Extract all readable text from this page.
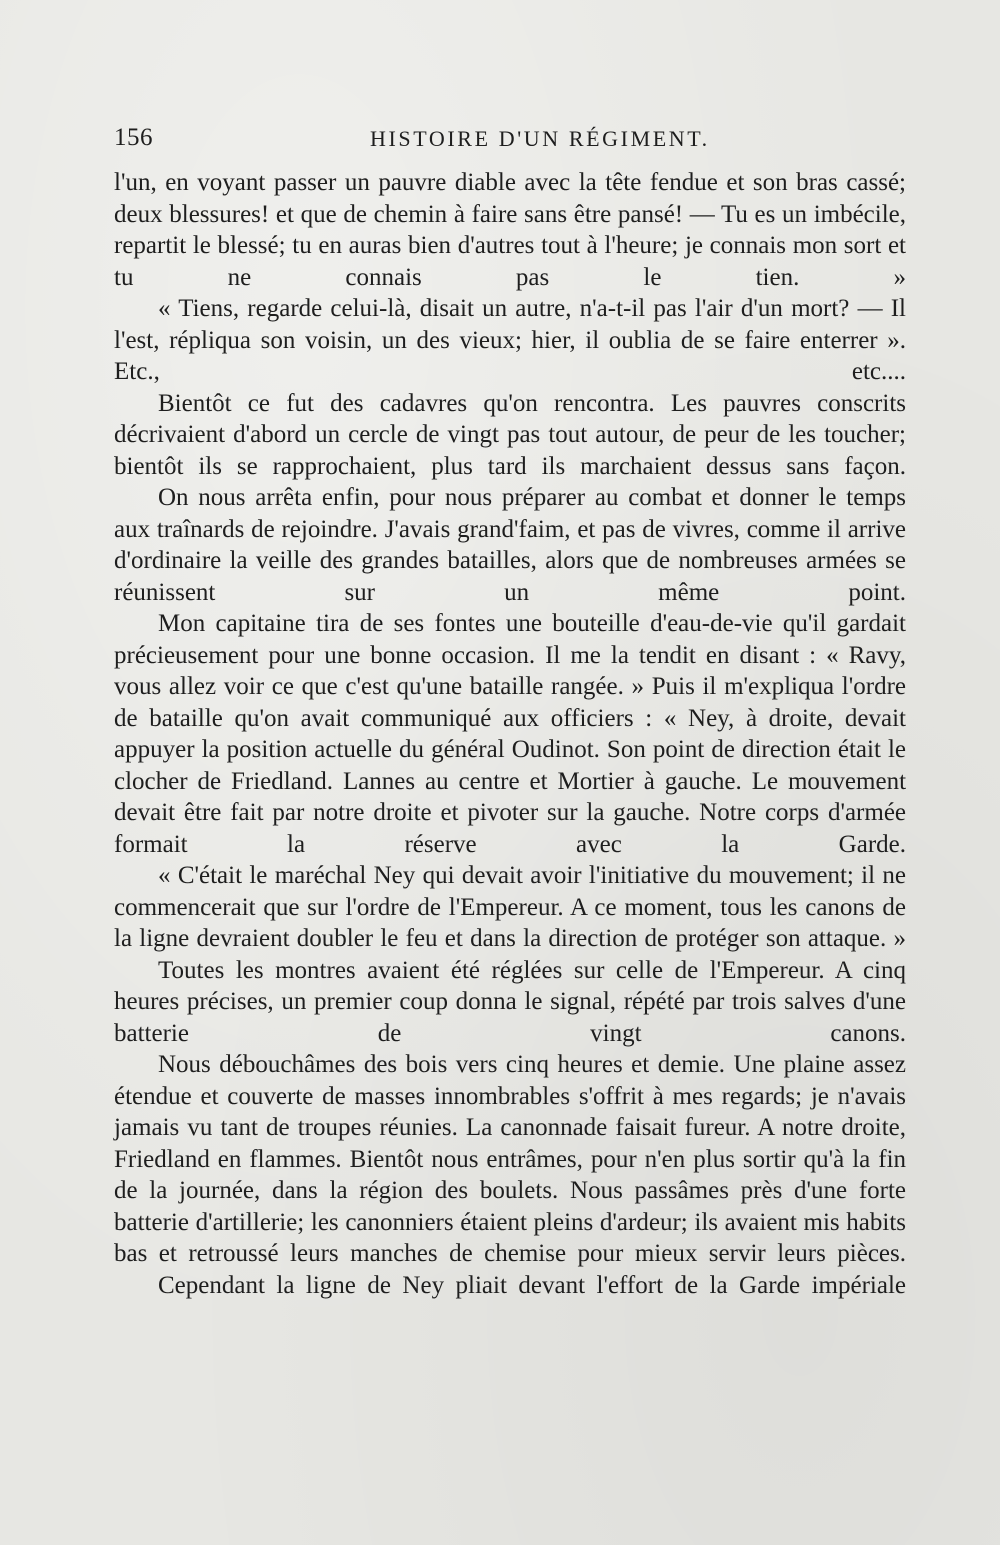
156	HISTOIRE D'UN RÉGIMENT.

l'un, en voyant passer un pauvre diable avec la tête fendue et son bras cassé; deux blessures! et que de chemin à faire sans être pansé! — Tu es un imbécile, repartit le blessé; tu en auras bien d'autres tout à l'heure; je connais mon sort et tu ne connais pas le tien. »

« Tiens, regarde celui-là, disait un autre, n'a-t-il pas l'air d'un mort? — Il l'est, répliqua son voisin, un des vieux; hier, il oublia de se faire enterrer ». Etc., etc....

Bientôt ce fut des cadavres qu'on rencontra. Les pauvres conscrits décrivaient d'abord un cercle de vingt pas tout autour, de peur de les toucher; bientôt ils se rapprochaient, plus tard ils marchaient dessus sans façon.

On nous arrêta enfin, pour nous préparer au combat et donner le temps aux traînards de rejoindre. J'avais grand'faim, et pas de vivres, comme il arrive d'ordinaire la veille des grandes batailles, alors que de nombreuses armées se réunissent sur un même point.

Mon capitaine tira de ses fontes une bouteille d'eau-de-vie qu'il gardait précieusement pour une bonne occasion. Il me la tendit en disant : « Ravy, vous allez voir ce que c'est qu'une bataille rangée. » Puis il m'expliqua l'ordre de bataille qu'on avait communiqué aux officiers : « Ney, à droite, devait appuyer la position actuelle du général Oudinot. Son point de direction était le clocher de Friedland. Lannes au centre et Mortier à gauche. Le mouvement devait être fait par notre droite et pivoter sur la gauche. Notre corps d'armée formait la réserve avec la Garde.

« C'était le maréchal Ney qui devait avoir l'initiative du mouvement; il ne commencerait que sur l'ordre de l'Empereur. A ce moment, tous les canons de la ligne devraient doubler le feu et dans la direction de protéger son attaque. »

Toutes les montres avaient été réglées sur celle de l'Empereur. A cinq heures précises, un premier coup donna le signal, répété par trois salves d'une batterie de vingt canons.

Nous débouchâmes des bois vers cinq heures et demie. Une plaine assez étendue et couverte de masses innombrables s'offrit à mes regards; je n'avais jamais vu tant de troupes réunies. La canonnade faisait fureur. A notre droite, Friedland en flammes. Bientôt nous entrâmes, pour n'en plus sortir qu'à la fin de la journée, dans la région des boulets. Nous passâmes près d'une forte batterie d'artillerie; les canonniers étaient pleins d'ardeur; ils avaient mis habits bas et retroussé leurs manches de chemise pour mieux servir leurs pièces.

Cependant la ligne de Ney pliait devant l'effort de la Garde impériale
